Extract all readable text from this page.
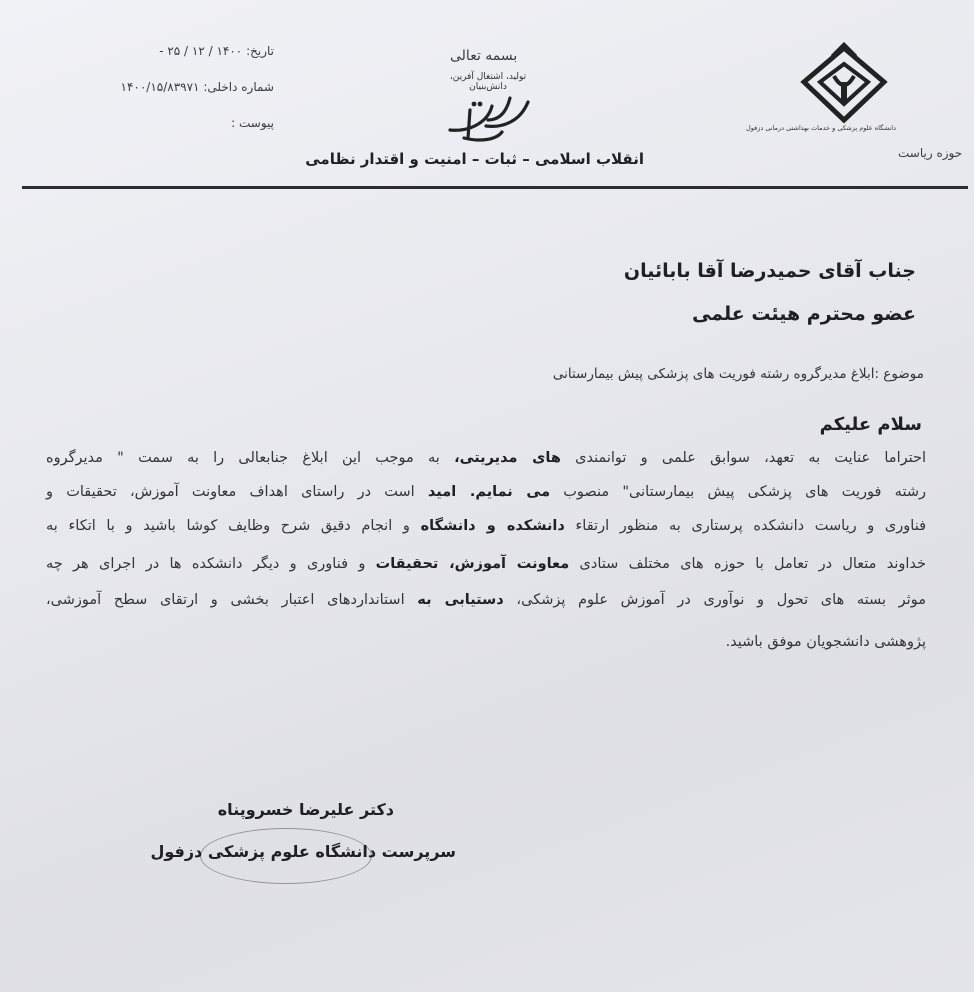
تاریخ: ۱۴۰۰ / ۱۲ / ۲۵ -
شماره داخلی: ۱۴۰۰/۱۵/۸۳۹۷۱
پیوست :
بسمه تعالی
تولید، اشتغال آفرین، دانش‌بنیان
انقلاب اسلامی – ثبات – امنیت و اقتدار نظامی
دانشگاه علوم پزشکی و خدمات بهداشتی درمانی دزفول
حوزه ریاست
جناب آقای حمیدرضا آقا بابائیان
عضو محترم هیئت علمی
موضوع :ابلاغ مدیرگروه رشته فوریت های پزشکی پیش بیمارستانی
سلام علیکم
احتراما عنایت به تعهد، سوابق علمی و توانمندی های مدیریتی، به موجب این ابلاغ جنابعالی را به سمت " مدیرگروه
رشته فوریت های پزشکی پیش بیمارستانی" منصوب می نمایم. امید است در راستای اهداف معاونت آموزش، تحقیقات و
فناوری و ریاست دانشکده پرستاری به منظور ارتقاء دانشکده و دانشگاه و انجام دقیق شرح وظایف کوشا باشید و با اتکاء به
خداوند متعال در تعامل با حوزه های مختلف ستادی معاونت آموزش، تحقیقات و فناوری و دیگر دانشکده ها در اجرای هر چه
موثر بسته های تحول و نوآوری در آموزش علوم پزشکی، دستیابی به استانداردهای اعتبار بخشی و ارتقای سطح آموزشی،
پژوهشی دانشجویان موفق باشید.
دکتر علیرضا خسروپناه
سرپرست دانشگاه علوم پزشکی دزفول
